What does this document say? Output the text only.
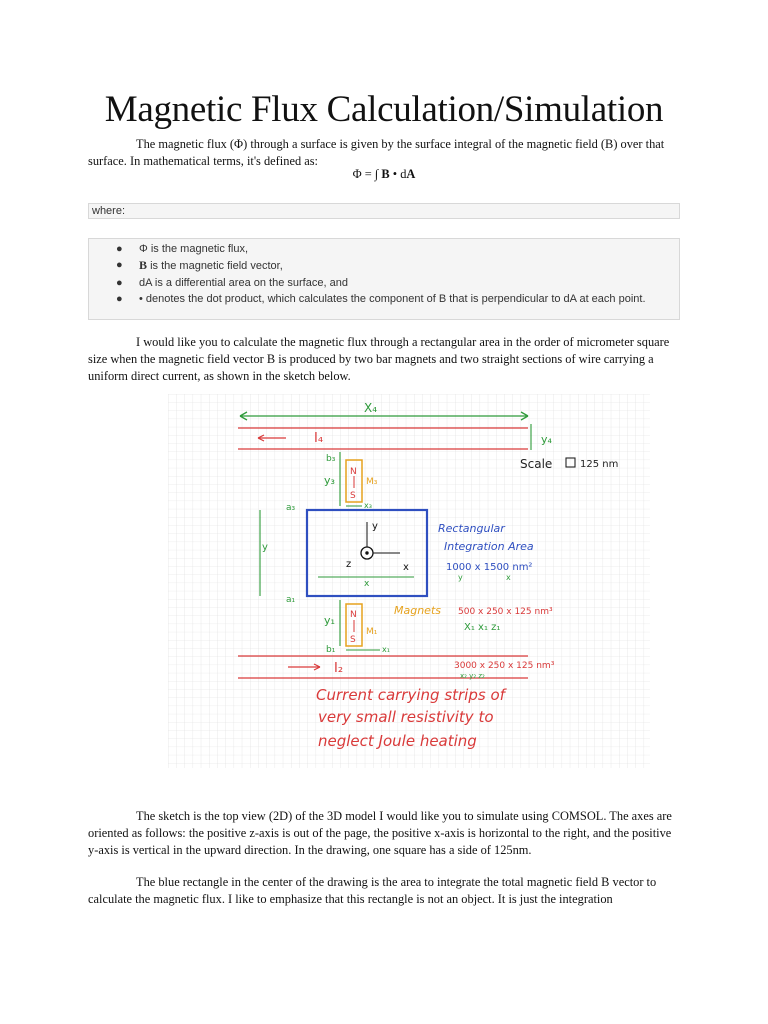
Magnetic Flux Calculation/Simulation

The magnetic flux (Φ) through a surface is given by the surface integral of the magnetic field (B) over that surface. In mathematical terms, it's defined as:

Φ = ∫ B • dA
where:
● Φ is the magnetic flux,
● B is the magnetic field vector,
● dA is a differential area on the surface, and
● • denotes the dot product, which calculates the component of B that is perpendicular to dA at each point.

I would like you to calculate the magnetic flux through a rectangular area in the order of micrometer square size when the magnetic field vector B is produced by two bar magnets and two straight sections of wire carrying a uniform direct current, as shown in the sketch below.

X₄
I₄	y₄
Scale	125 nm
b₃
y₃
N
S
M₃
x₃
a₃
y
y
x
z
x
Rectangular
Integration Area
1000 x 1500 nm²
y	x
a₁
y₁ N
S
M₁
b₁	x₁
Magnets 500 x 250 x 125 nm³
X₁ x₁ z₁
I₂	3000 x 250 x 125 nm³
x₂ y₂ z₂
Current carrying strips of
very small resistivity to
neglect Joule heating

The sketch is the top view (2D) of the 3D model I would like you to simulate using COMSOL. The axes are oriented as follows: the positive z-axis is out of the page, the positive x-axis is horizontal to the right, and the positive y-axis is vertical in the upward direction. In the drawing, one square has a side of 125nm.

The blue rectangle in the center of the drawing is the area to integrate the total magnetic field B vector to calculate the magnetic flux. I like to emphasize that this rectangle is not an object. It is just the integration
